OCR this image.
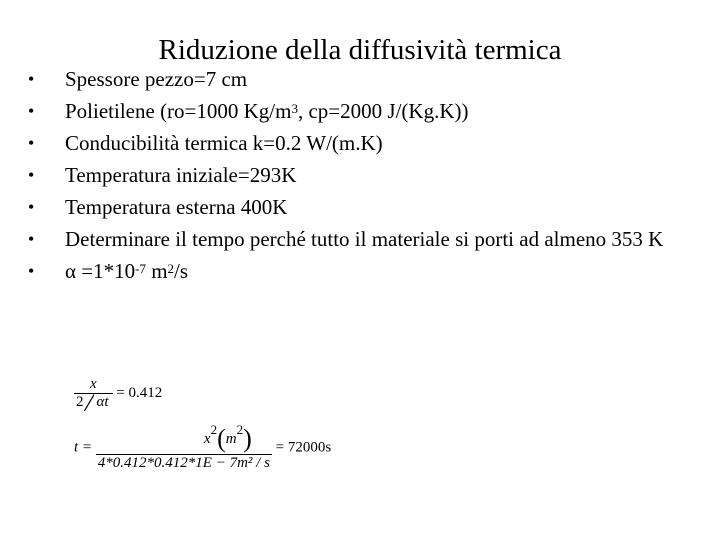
Riduzione della diffusività termica
•	Spessore pezzo=7 cm
•	Polietilene (ro=1000 $Kg/m^3$, cp=2000 J/(Kg.K))
•	Conducibilità termica k=0.2 W/(m.K)
•	Temperatura iniziale=293K
•	Temperatura esterna 400K
•	Determinare il tempo perché tutto il materiale si porti ad almeno 353 K
•	$\alpha =1*10^{-7}$ $m^2/s$
$\frac{x}{2 \alpha t} = 0.412$
$t = \frac{x^2(m^2)}{\text{4*0.412*0.412*1E − 7m² / s}} = 72000s$
